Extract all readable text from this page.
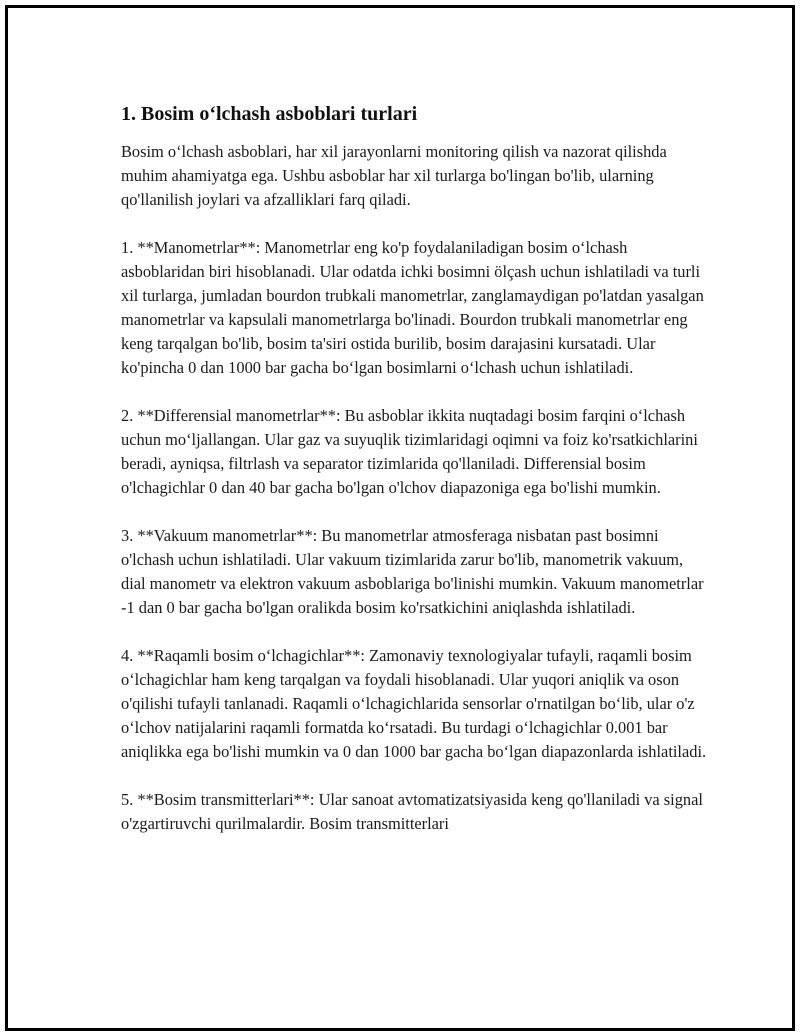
1. Bosim oʻlchash asboblari turlari

Bosim oʻlchash asboblari, har xil jarayonlarni monitoring qilish va nazorat qilishda muhim ahamiyatga ega. Ushbu asboblar har xil turlarga bo'lingan bo'lib, ularning qo'llanilish joylari va afzalliklari farq qiladi.

1. **Manometrlar**: Manometrlar eng ko'p foydalaniladigan bosim oʻlchash asboblaridan biri hisoblanadi. Ular odatda ichki bosimni ölçash uchun ishlatiladi va turli xil turlarga, jumladan bourdon trubkali manometrlar, zanglamaydigan po'latdan yasalgan manometrlar va kapsulali manometrlarga bo'linadi. Bourdon trubkali manometrlar eng keng tarqalgan bo'lib, bosim ta'siri ostida burilib, bosim darajasini kursatadi. Ular ko'pincha 0 dan 1000 bar gacha boʻlgan bosimlarni oʻlchash uchun ishlatiladi.

2. **Differensial manometrlar**: Bu asboblar ikkita nuqtadagi bosim farqini oʻlchash uchun moʻljallangan. Ular gaz va suyuqlik tizimlaridagi oqimni va foiz ko'rsatkichlarini beradi, ayniqsa, filtrlash va separator tizimlarida qo'llaniladi. Differensial bosim o'lchagichlar 0 dan 40 bar gacha bo'lgan o'lchov diapazoniga ega bo'lishi mumkin.

3. **Vakuum manometrlar**: Bu manometrlar atmosferaga nisbatan past bosimni o'lchash uchun ishlatiladi. Ular vakuum tizimlarida zarur bo'lib, manometrik vakuum, dial manometr va elektron vakuum asboblariga bo'linishi mumkin. Vakuum manometrlar -1 dan 0 bar gacha bo'lgan oralikda bosim ko'rsatkichini aniqlashda ishlatiladi.

4. **Raqamli bosim oʻlchagichlar**: Zamonaviy texnologiyalar tufayli, raqamli bosim oʻlchagichlar ham keng tarqalgan va foydali hisoblanadi. Ular yuqori aniqlik va oson o'qilishi tufayli tanlanadi. Raqamli oʻlchagichlarida sensorlar o'rnatilgan boʻlib, ular o'z oʻlchov natijalarini raqamli formatda koʻrsatadi. Bu turdagi oʻlchagichlar 0.001 bar aniqlikka ega bo'lishi mumkin va 0 dan 1000 bar gacha boʻlgan diapazonlarda ishlatiladi.

5. **Bosim transmitterlari**: Ular sanoat avtomatizatsiyasida keng qo'llaniladi va signal o'zgartiruvchi qurilmalardir. Bosim transmitterlari
